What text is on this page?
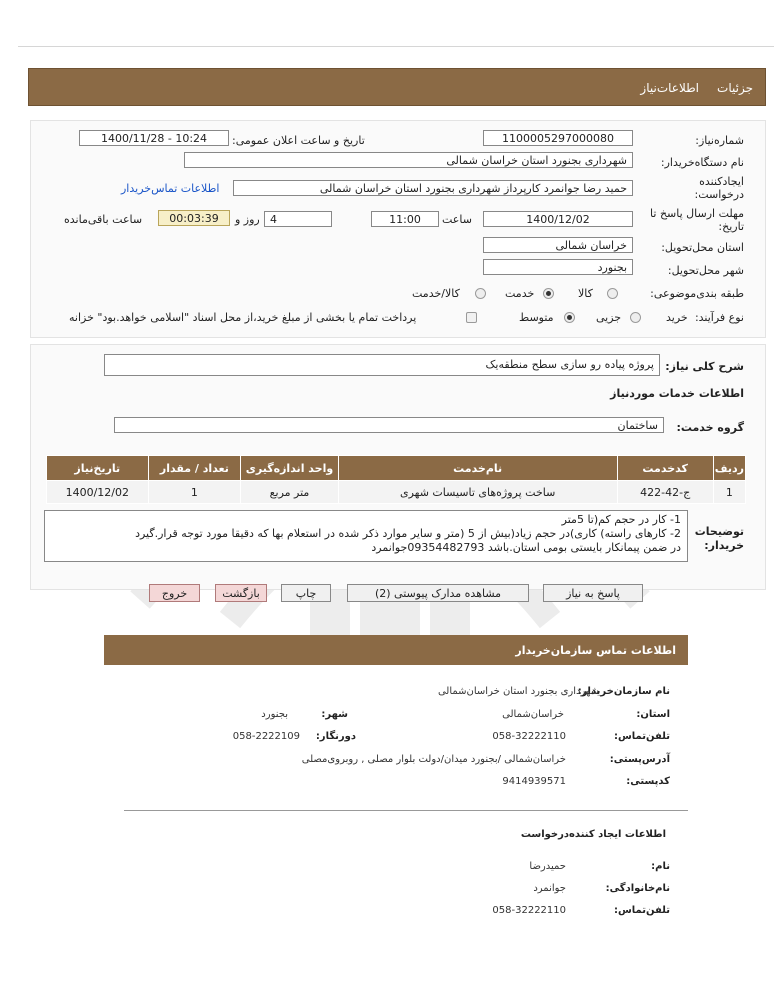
جزئیات
اطلاعات‌نیاز
شماره‌نیاز:
1100005297000080
تاریخ و ساعت اعلان عمومی:
1400/11/28 - 10:24
نام دستگاه‌خریدار:
شهرداری بجنورد استان خراسان شمالی
ایجادکننده درخواست:
حمید رضا جوانمرد کارپرداز شهرداری بجنورد استان خراسان شمالی
اطلاعات تماس‌خریدار
مهلت ارسال پاسخ تا تاریخ:
1400/12/02
ساعت
11:00
4
روز و
00:03:39
ساعت باقی‌مانده
استان محل‌تحویل:
خراسان شمالی
شهر محل‌تحویل:
بجنورد
طبقه بندی‌موضوعی:
کالا
خدمت
کالا/خدمت
نوع فرآیند:
خرید
جزیی
متوسط
پرداخت تمام یا بخشی از مبلغ خرید،از محل اسناد "اسلامی خواهد.بود" خزانه
شرح کلی نیاز:
پروژه پیاده رو سازی سطح منطقه‌یک
اطلاعات خدمات موردنیاز
گروه خدمت:
ساختمان
ردیف	کدخدمت	نام‌خدمت	واحد اندازه‌گیری	تعداد / مقدار	تاریخ‌نیاز
1	ج-42-422	ساخت پروژه‌های تاسیسات شهری	متر مربع	1	1400/12/02
توضیحات خریدار:
1- کار در حجم کم(تا 5متر
2- کارهای راسته) کاری)در حجم زیاد(بیش از 5 (متر و سایر موارد ذکر شده در استعلام بها که دقیقا مورد توجه قرار.گیرد
در ضمن پیمانکار بایستی بومی استان.باشد 09354482793جوانمرد
پاسخ به نیاز
مشاهده مدارک پیوستی (2)
چاپ
بازگشت
خروج
اطلاعات تماس سازمان‌خریدار
نام سازمان‌خریدار:
شهرداری بجنورد استان خراسان‌شمالی
استان:
خراسان‌شمالی
شهر:
بجنورد
تلفن‌تماس:
058-32222110
دورنگار:
058-2222109
آدرس‌پستی:
خراسان‌شمالی /بجنورد میدان/دولت بلوار مصلی , روبروی‌مصلی
کد‌پستی:
9414939571
اطلاعات ایجاد کننده‌درخواست
نام:
حمیدرضا
نام‌خانوادگی:
جوانمرد
تلفن‌تماس:
058-32222110
